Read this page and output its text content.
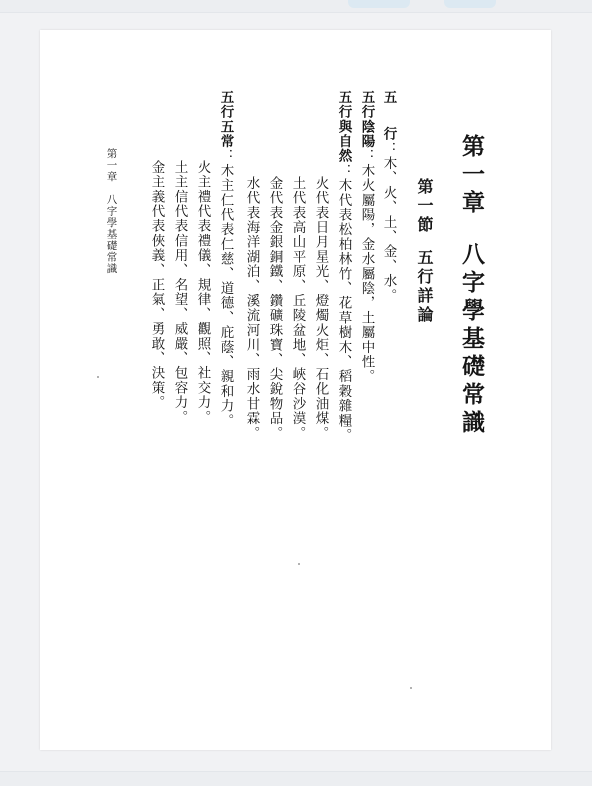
第一章八字學基礎常識
第一節五行詳論
五行：木、火、土、金、水。
五行陰陽：木火屬陽，金水屬陰，土屬中性。
五行與自然：木代表松柏林竹、花草樹木、稻穀雜糧。
火代表日月星光、燈燭火炬、石化油煤。
土代表高山平原、丘陵盆地、峽谷沙漠。
金代表金銀銅鐵、鑽礦珠寶、尖銳物品。
水代表海洋湖泊、溪流河川、雨水甘霖。
五行五常：木主仁代表仁慈、道德、庇蔭、親和力。
火主禮代表禮儀、規律、觀照、社交力。
土主信代表信用、名望、威嚴、包容力。
金主義代表俠義、正氣、勇敢、決策。
第一章　八字學基礎常識
